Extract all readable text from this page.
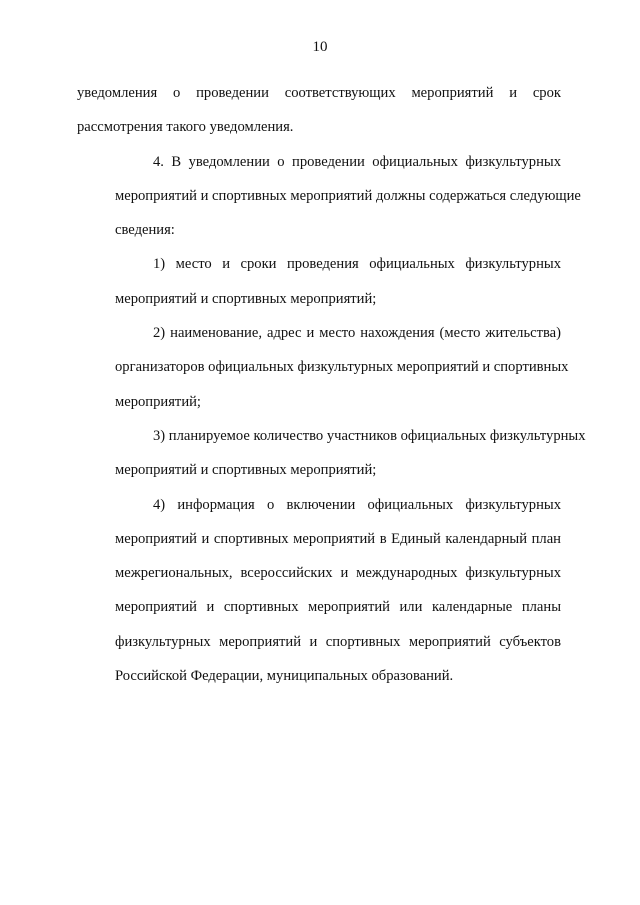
10
уведомления о проведении соответствующих мероприятий и срок
рассмотрения такого уведомления.
4. В уведомлении о проведении официальных физкультурных
мероприятий и спортивных мероприятий должны содержаться следующие
сведения:
1) место и сроки проведения официальных физкультурных
мероприятий и спортивных мероприятий;
2) наименование, адрес и место нахождения (место жительства)
организаторов официальных физкультурных мероприятий и спортивных
мероприятий;
3) планируемое количество участников официальных физкультурных
мероприятий и спортивных мероприятий;
4) информация о включении официальных физкультурных
мероприятий и спортивных мероприятий в Единый календарный план
межрегиональных, всероссийских и международных физкультурных
мероприятий и спортивных мероприятий или календарные планы
физкультурных мероприятий и спортивных мероприятий субъектов
Российской Федерации, муниципальных образований.
